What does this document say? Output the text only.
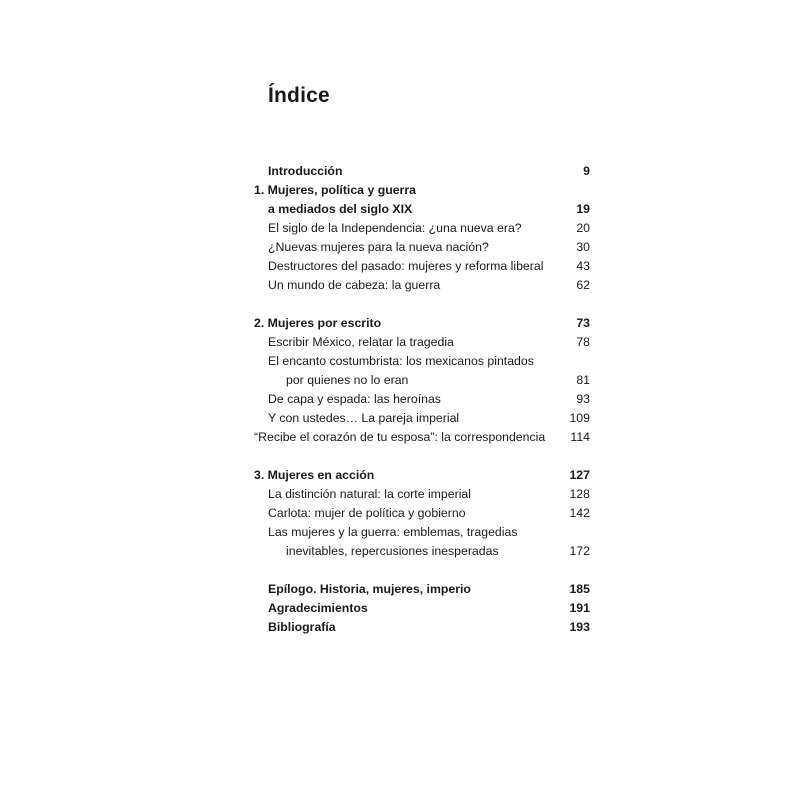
Índice
Introducción	9
1. Mujeres, política y guerra
a mediados del siglo XIX	19
El siglo de la Independencia: ¿una nueva era?	20
¿Nuevas mujeres para la nueva nación?	30
Destructores del pasado: mujeres y reforma liberal	43
Un mundo de cabeza: la guerra	62
2. Mujeres por escrito	73
Escribir México, relatar la tragedia	78
El encanto costumbrista: los mexicanos pintados
por quienes no lo eran	81
De capa y espada: las heroínas	93
Y con ustedes… La pareja imperial	109
“Recibe el corazón de tu esposa”: la correspondencia 114
3. Mujeres en acción	127
La distinción natural: la corte imperial	128
Carlota: mujer de política y gobierno	142
Las mujeres y la guerra: emblemas, tragedias
inevitables, repercusiones inesperadas	172
Epílogo. Historia, mujeres, imperio	185
Agradecimientos	191
Bibliografía	193
